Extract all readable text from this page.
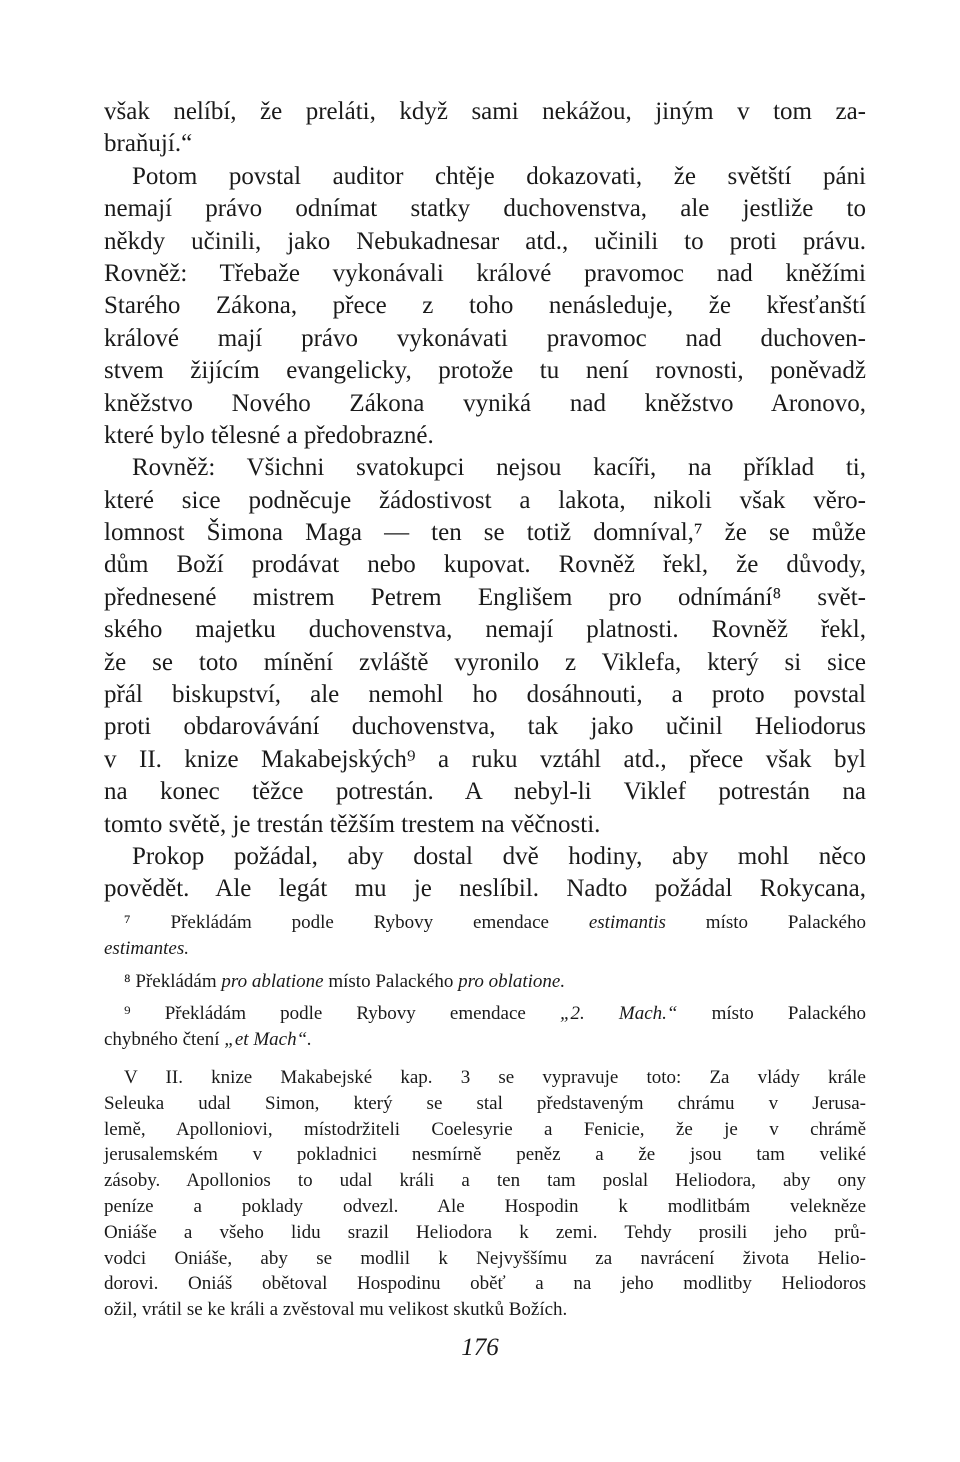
však nelíbí, že preláti, když sami nekážou, jiným v tom za-
braňují.“
Potom povstal auditor chtěje dokazovati, že světští páni
nemají právo odnímat statky duchovenstva, ale jestliže to
někdy učinili, jako Nebukadnesar atd., učinili to proti právu.
Rovněž: Třebaže vykonávali králové pravomoc nad kněžími
Starého Zákona, přece z toho nenásleduje, že křesťanští
králové mají právo vykonávati pravomoc nad duchoven-
stvem žijícím evangelicky, protože tu není rovnosti, poněvadž
kněžstvo Nového Zákona vyniká nad kněžstvo Aronovo,
které bylo tělesné a předobrazné.
Rovněž: Všichni svatokupci nejsou kacíři, na příklad ti,
které sice podněcuje žádostivost a lakota, nikoli však věro-
lomnost Šimona Maga — ten se totiž domníval,⁷ že se může
dům Boží prodávat nebo kupovat. Rovněž řekl, že důvody,
přednesené mistrem Petrem Englišem pro odnímání⁸ svět-
ského majetku duchovenstva, nemají platnosti. Rovněž řekl,
že se toto mínění zvláště vyronilo z Viklefa, který si sice
přál biskupství, ale nemohl ho dosáhnouti, a proto povstal
proti obdarovávání duchovenstva, tak jako učinil Heliodorus
v II. knize Makabejských⁹ a ruku vztáhl atd., přece však byl
na konec těžce potrestán. A nebyl-li Viklef potrestán na
tomto světě, je trestán těžším trestem na věčnosti.
Prokop požádal, aby dostal dvě hodiny, aby mohl něco
povědět. Ale legát mu je neslíbil. Nadto požádal Rokycana,
⁷ Překládám podle Rybovy emendace estimantis místo Palackého
estimantes.
⁸ Překládám pro ablatione místo Palackého pro oblatione.
⁹ Překládám podle Rybovy emendace „2. Mach.“ místo Palackého
chybného čtení „et Mach“.
V II. knize Makabejské kap. 3 se vypravuje toto: Za vlády krále
Seleuka udal Simon, který se stal představeným chrámu v Jerusa-
lemě, Apolloniovi, místodržiteli Coelesyrie a Fenicie, že je v chrámě
jerusalemském v pokladnici nesmírně peněz a že jsou tam veliké
zásoby. Apollonios to udal králi a ten tam poslal Heliodora, aby ony
peníze a poklady odvezl. Ale Hospodin k modlitbám velekněze
Oniáše a všeho lidu srazil Heliodora k zemi. Tehdy prosili jeho prů-
vodci Oniáše, aby se modlil k Nejvyššímu za navrácení života Helio-
dorovi. Oniáš obětoval Hospodinu oběť a na jeho modlitby Heliodoros
ožil, vrátil se ke králi a zvěstoval mu velikost skutků Božích.
176
